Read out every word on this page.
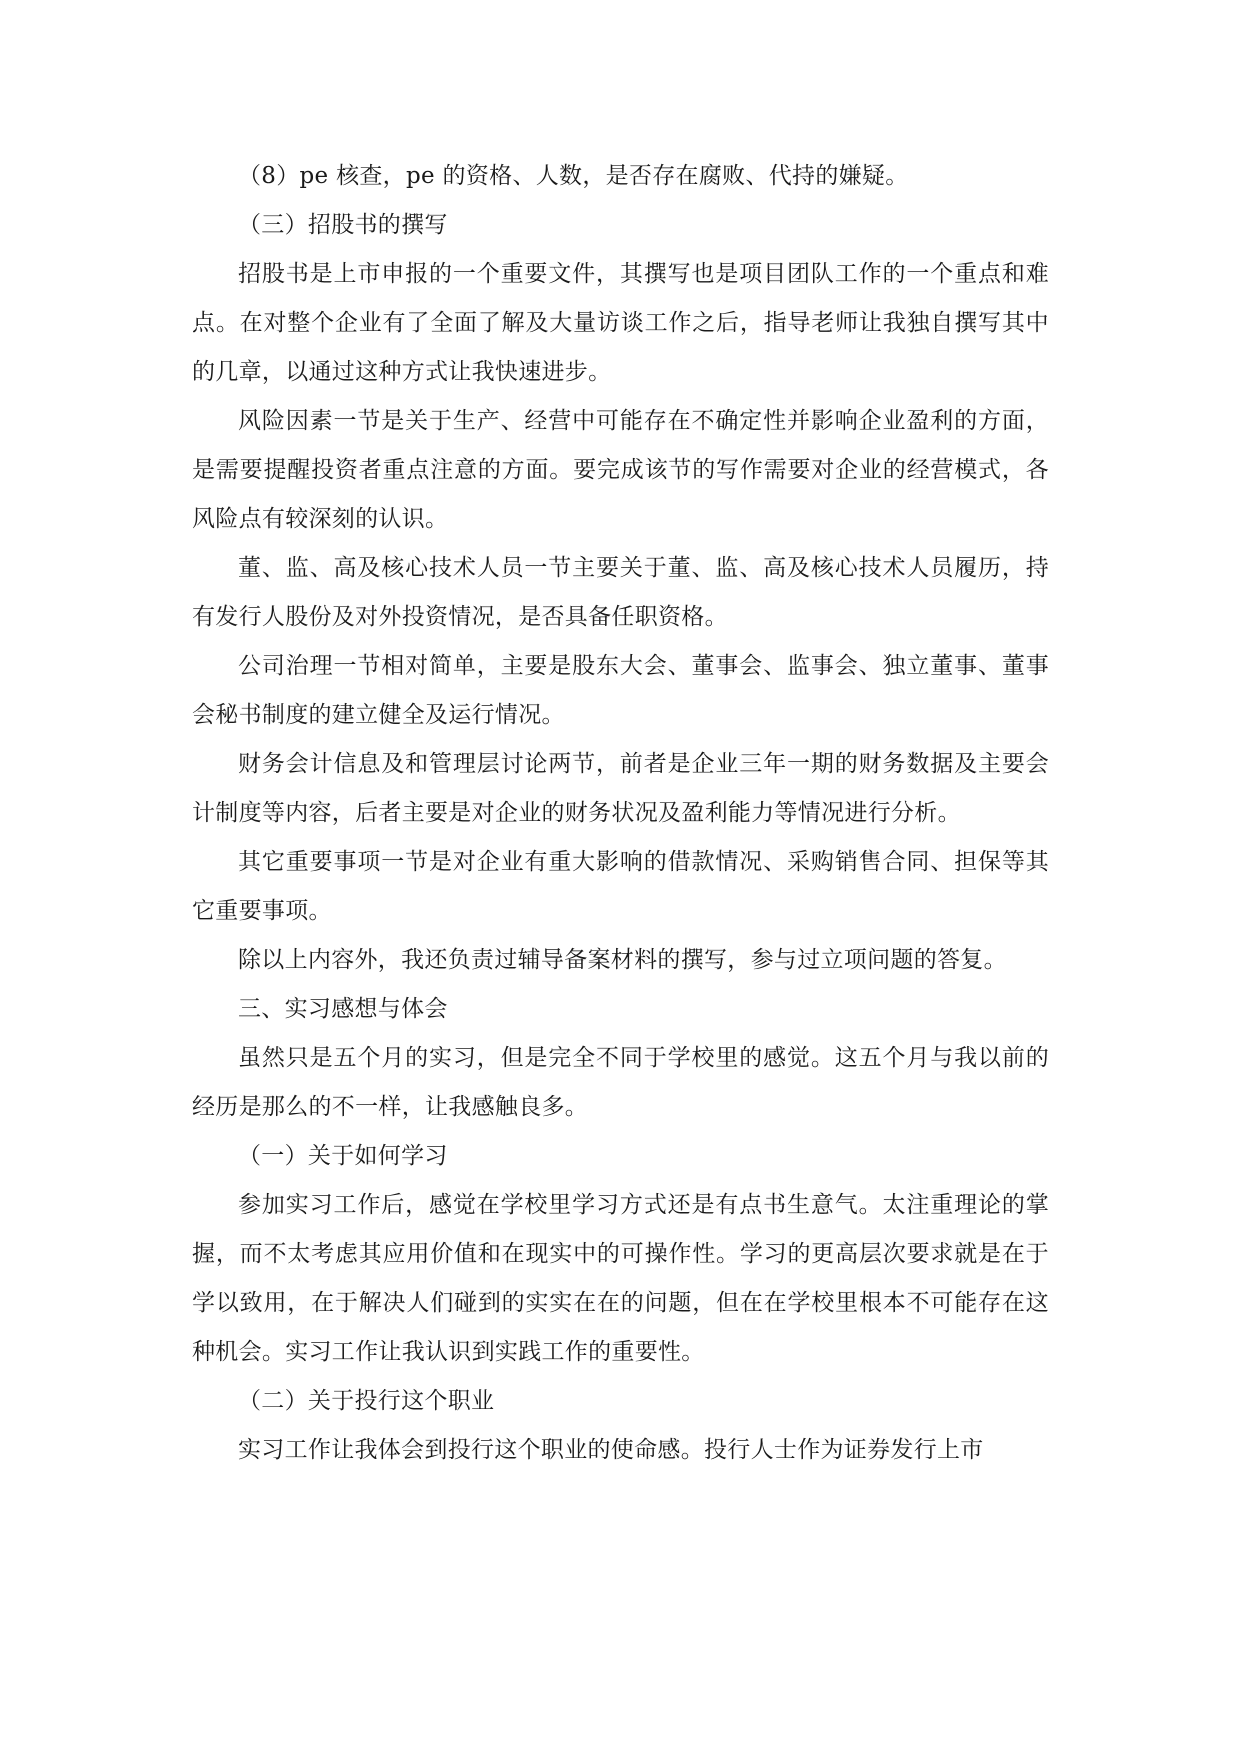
（8）pe 核查，pe 的资格、人数，是否存在腐败、代持的嫌疑。

（三）招股书的撰写

招股书是上市申报的一个重要文件，其撰写也是项目团队工作的一个重点和难点。在对整个企业有了全面了解及大量访谈工作之后，指导老师让我独自撰写其中的几章，以通过这种方式让我快速进步。

风险因素一节是关于生产、经营中可能存在不确定性并影响企业盈利的方面，是需要提醒投资者重点注意的方面。要完成该节的写作需要对企业的经营模式，各风险点有较深刻的认识。

董、监、高及核心技术人员一节主要关于董、监、高及核心技术人员履历，持有发行人股份及对外投资情况，是否具备任职资格。

公司治理一节相对简单，主要是股东大会、董事会、监事会、独立董事、董事会秘书制度的建立健全及运行情况。

财务会计信息及和管理层讨论两节，前者是企业三年一期的财务数据及主要会计制度等内容，后者主要是对企业的财务状况及盈利能力等情况进行分析。

其它重要事项一节是对企业有重大影响的借款情况、采购销售合同、担保等其它重要事项。

除以上内容外，我还负责过辅导备案材料的撰写，参与过立项问题的答复。

三、实习感想与体会

虽然只是五个月的实习，但是完全不同于学校里的感觉。这五个月与我以前的经历是那么的不一样，让我感触良多。

（一）关于如何学习

参加实习工作后，感觉在学校里学习方式还是有点书生意气。太注重理论的掌握，而不太考虑其应用价值和在现实中的可操作性。学习的更高层次要求就是在于学以致用，在于解决人们碰到的实实在在的问题，但在在学校里根本不可能存在这种机会。实习工作让我认识到实践工作的重要性。

（二）关于投行这个职业

实习工作让我体会到投行这个职业的使命感。投行人士作为证券发行上市
